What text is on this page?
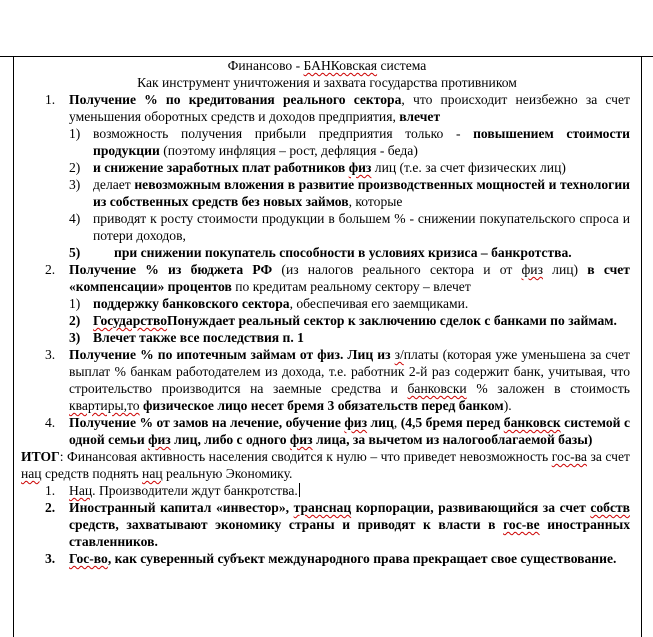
Финансово - БАНКовская система
Как инструмент уничтожения и захвата государства противником
1. Получение % по кредитования реального сектора, что происходит неизбежно за счет уменьшения оборотных средств и доходов предприятия, влечет
1) возможность получения прибыли предприятия только - повышением стоимости продукции (поэтому инфляция – рост, дефляция - беда)
2) и снижение заработных плат работников физ лиц (т.е. за счет физических лиц)
3) делает невозможным вложения в развитие производственных мощностей и технологии из собственных средств без новых займов, которые
4) приводят к росту стоимости продукции в большем % - снижении покупательского спроса и потери доходов,
5) при снижении покупатель способности в условиях кризиса – банкротства.
2. Получение % из бюджета РФ (из налогов реального сектора и от физ лиц) в счет «компенсации» процентов по кредитам реальному сектору – влечет
1) поддержку банковского сектора, обеспечивая его заемщиками.
2) ГосударствоПонуждает реальный сектор к заключению сделок с банками по займам.
3) Влечет также все последствия п. 1
3. Получение % по ипотечным займам от физ. Лиц из з/платы (которая уже уменьшена за счет выплат % банкам работодателем из дохода, т.е. работник 2-й раз содержит банк, учитывая, что строительство производится на заемные средства и банковски % заложен в стоимость квартиры,то физическое лицо несет бремя 3 обязательств перед банком).
4. Получение % от замов на лечение, обучение физ лиц, (4,5 бремя перед банковск системой с одной семьи физ лиц, либо с одного физ лица, за вычетом из налогооблагаемой базы)
ИТОГ: Финансовая активность населения сводится к нулю – что приведет невозможность гос-ва за счет нац средств поднять нац реальную Экономику.
1. Нац. Производители ждут банкротства.
2. Иностранный капитал «инвестор», транснац корпорации, развивающийся за счет собств средств, захватывают экономику страны и приводят к власти в гос-ве иностранных ставленников.
3. Гос-во, как суверенный субъект международного права прекращает свое существование.
